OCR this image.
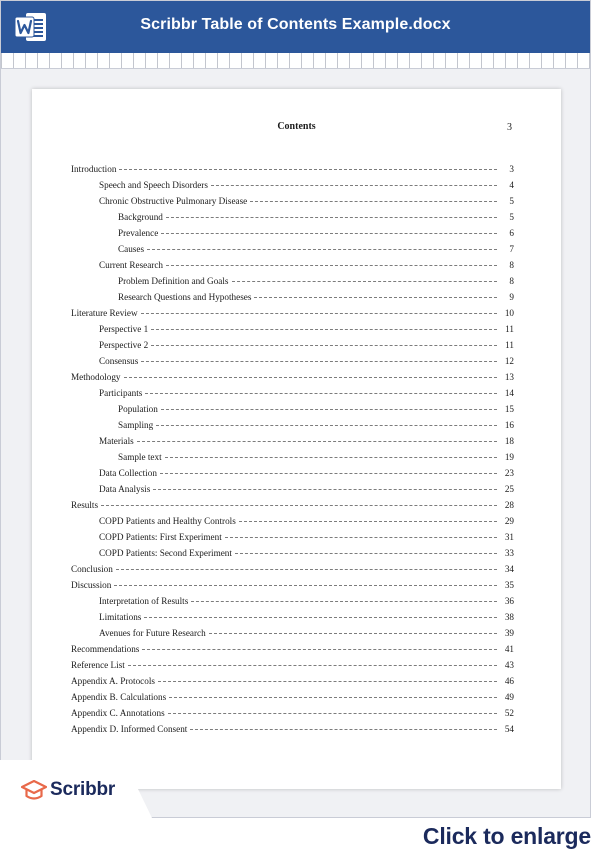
Scribbr Table of Contents Example.docx
Contents	3
Introduction	3
Speech and Speech Disorders	4
Chronic Obstructive Pulmonary Disease	5
Background	5
Prevalence	6
Causes	7
Current Research	8
Problem Definition and Goals	8
Research Questions and Hypotheses	9
Literature Review	10
Perspective 1	11
Perspective 2	11
Consensus	12
Methodology	13
Participants	14
Population	15
Sampling	16
Materials	18
Sample text	19
Data Collection	23
Data Analysis	25
Results	28
COPD Patients and Healthy Controls	29
COPD Patients: First Experiment	31
COPD Patients: Second Experiment	33
Conclusion	34
Discussion	35
Interpretation of Results	36
Limitations	38
Avenues for Future Research	39
Recommendations	41
Reference List	43
Appendix A. Protocols	46
Appendix B. Calculations	49
Appendix C. Annotations	52
Appendix D. Informed Consent	54
Scribbr
Click to enlarge
